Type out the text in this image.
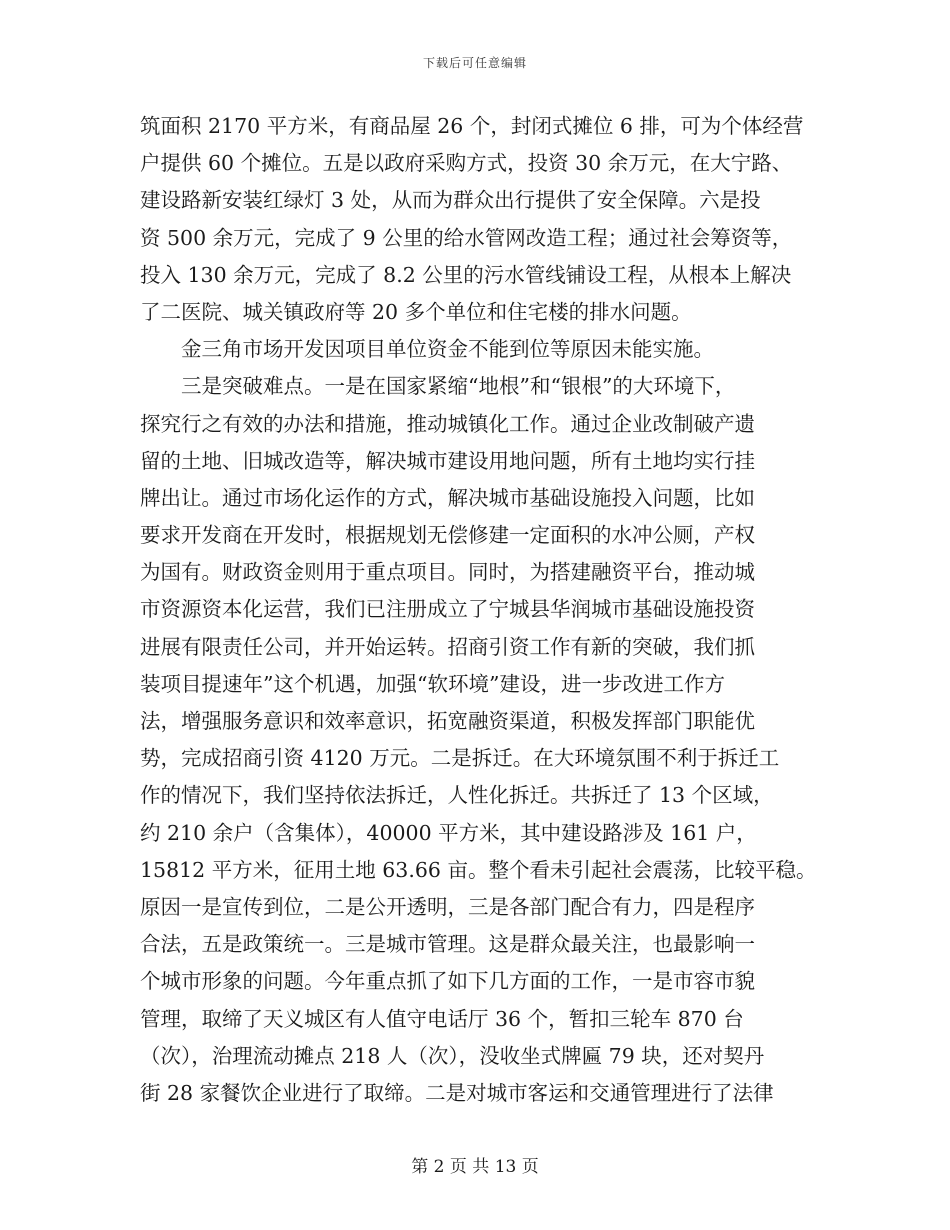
下载后可任意编辑
筑面积 2170 平方米，有商品屋 26 个，封闭式摊位 6 排，可为个体经营
户提供 60 个摊位。五是以政府采购方式，投资 30 余万元，在大宁路、
建设路新安装红绿灯 3 处，从而为群众出行提供了安全保障。六是投
资 500 余万元，完成了 9 公里的给水管网改造工程；通过社会筹资等，
投入 130 余万元，完成了 8.2 公里的污水管线铺设工程，从根本上解决
了二医院、城关镇政府等 20 多个单位和住宅楼的排水问题。
　　金三角市场开发因项目单位资金不能到位等原因未能实施。
　　三是突破难点。一是在国家紧缩“地根”和“银根”的大环境下，
探究行之有效的办法和措施，推动城镇化工作。通过企业改制破产遗
留的土地、旧城改造等，解决城市建设用地问题，所有土地均实行挂
牌出让。通过市场化运作的方式，解决城市基础设施投入问题，比如
要求开发商在开发时，根据规划无偿修建一定面积的水冲公厕，产权
为国有。财政资金则用于重点项目。同时，为搭建融资平台，推动城
市资源资本化运营，我们已注册成立了宁城县华润城市基础设施投资
进展有限责任公司，并开始运转。招商引资工作有新的突破，我们抓
装项目提速年”这个机遇，加强“软环境”建设，进一步改进工作方
法，增强服务意识和效率意识，拓宽融资渠道，积极发挥部门职能优
势，完成招商引资 4120 万元。二是拆迁。在大环境氛围不利于拆迁工
作的情况下，我们坚持依法拆迁，人性化拆迁。共拆迁了 13 个区域，
约 210 余户（含集体），40000 平方米，其中建设路涉及 161 户，
15812 平方米，征用土地 63.66 亩。整个看未引起社会震荡，比较平稳。
原因一是宣传到位，二是公开透明，三是各部门配合有力，四是程序
合法，五是政策统一。三是城市管理。这是群众最关注，也最影响一
个城市形象的问题。今年重点抓了如下几方面的工作，一是市容市貌
管理，取缔了天义城区有人值守电话厅 36 个，暂扣三轮车 870 台
（次），治理流动摊点 218 人（次），没收坐式牌匾 79 块，还对契丹
街 28 家餐饮企业进行了取缔。二是对城市客运和交通管理进行了法律
第 2 页 共 13 页
